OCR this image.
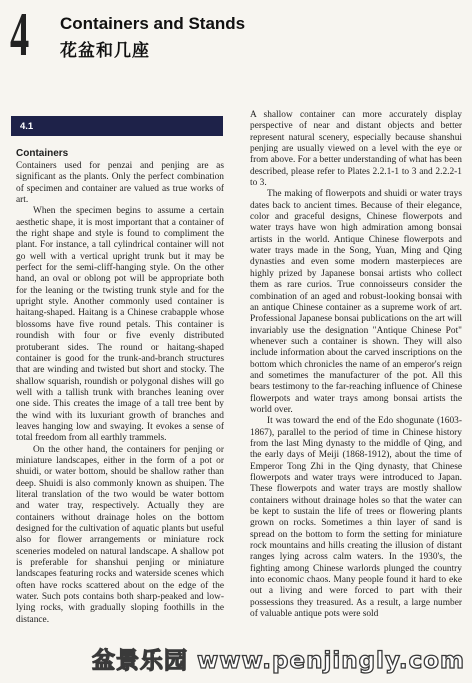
4	Containers and Stands
花盆和几座
4.1
Containers

Containers used for penzai and penjing are as significant as the plants. Only the perfect combination of specimen and container are valued as true works of art.

When the specimen begins to assume a certain aesthetic shape, it is most important that a container of the right shape and style is found to compliment the plant. For instance, a tall cylindrical container will not go well with a vertical upright trunk but it may be perfect for the semi-cliff-hanging style. On the other hand, an oval or oblong pot will be appropriate both for the leaning or the twisting trunk style and for the upright style. Another commonly used container is haitang-shaped. Haitang is a Chinese crabapple whose blossoms have five round petals. This container is roundish with four or five evenly distributed protuberant sides. The round or haitang-shaped container is good for the trunk-and-branch structures that are winding and twisted but short and stocky. The shallow squarish, roundish or polygonal dishes will go well with a tallish trunk with branches leaning over one side. This creates the image of a tall tree bent by the wind with its luxuriant growth of branches and leaves hanging low and swaying. It evokes a sense of total freedom from all earthly trammels.

On the other hand, the containers for penjing or miniature landscapes, either in the form of a pot or shuidi, or water bottom, should be shallow rather than deep. Shuidi is also commonly known as shuipen. The literal translation of the two would be water bottom and water tray, respectively. Actually they are containers without drainage holes on the bottom designed for the cultivation of aquatic plants but useful also for flower arrangements or miniature rock sceneries modeled on natural landscape. A shallow pot is preferable for shanshui penjing or miniature landscapes featuring rocks and waterside scenes which often have rocks scattered about on the edge of the water. Such pots contains both sharp-peaked and low-lying rocks, with gradually sloping foothills in the distance.

A shallow container can more accurately display perspective of near and distant objects and better represent natural scenery, especially because shanshui penjing are usually viewed on a level with the eye or from above. For a better understanding of what has been described, please refer to Plates 2.2.1-1 to 3 and 2.2.2-1 to 3.

The making of flowerpots and shuidi or water trays dates back to ancient times. Because of their elegance, color and graceful designs, Chinese flowerpots and water trays have won high admiration among bonsai artists in the world. Antique Chinese flowerpots and water trays made in the Song, Yuan, Ming and Qing dynasties and even some modern masterpieces are highly prized by Japanese bonsai artists who collect them as rare curios. True connoisseurs consider the combination of an aged and robust-looking bonsai with an antique Chinese container as a supreme work of art. Professional Japanese bonsai publications on the art will invariably use the designation "Antique Chinese Pot" whenever such a container is shown. They will also include information about the carved inscriptions on the bottom which chronicles the name of an emperor's reign and sometimes the manufacturer of the pot. All this bears testimony to the far-reaching influence of Chinese flowerpots and water trays among bonsai artists the world over.

It was toward the end of the Edo shogunate (1603-1867), parallel to the period of time in Chinese history from the last Ming dynasty to the middle of Qing, and the early days of Meiji (1868-1912), about the time of Emperor Tong Zhi in the Qing dynasty, that Chinese flowerpots and water trays were introduced to Japan. These flowerpots and water trays are mostly shallow containers without drainage holes so that the water can be kept to sustain the life of trees or flowering plants grown on rocks. Sometimes a thin layer of sand is spread on the bottom to form the setting for miniature rock mountains and hills creating the illusion of distant ranges lying across calm waters. In the 1930's, the fighting among Chinese warlords plunged the country into economic chaos. Many people found it hard to eke out a living and were forced to part with their possessions they treasured. As a result, a large number of valuable antique pots were sold

盆景乐园 www.penjingly.com
